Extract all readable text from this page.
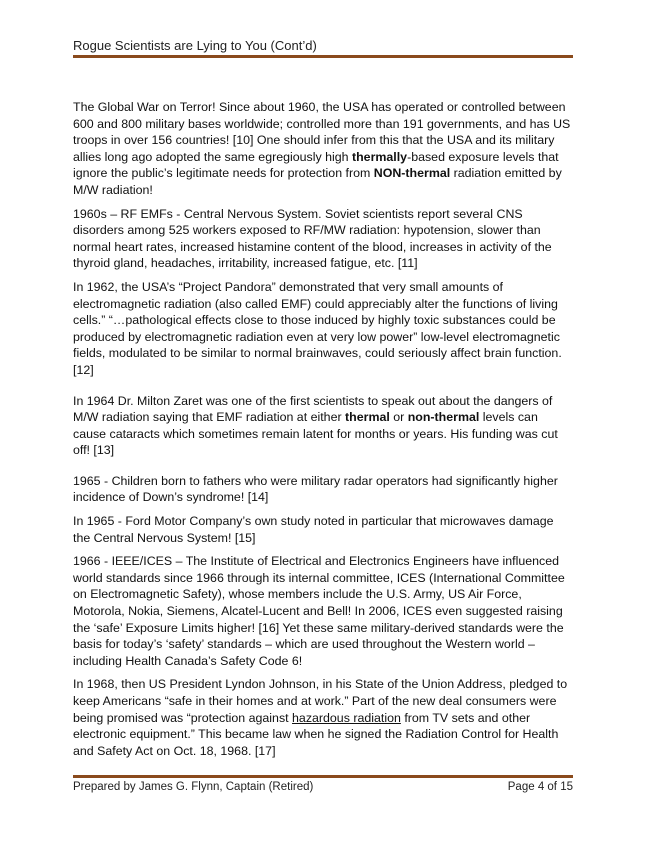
Rogue Scientists are Lying to You (Cont’d)

The Global War on Terror! Since about 1960, the USA has operated or controlled between 600 and 800 military bases worldwide; controlled more than 191 governments, and has US troops in over 156 countries! [10] One should infer from this that the USA and its military allies long ago adopted the same egregiously high thermally-based exposure levels that ignore the public’s legitimate needs for protection from NON-thermal radiation emitted by M/W radiation!

1960s – RF EMFs - Central Nervous System. Soviet scientists report several CNS disorders among 525 workers exposed to RF/MW radiation: hypotension, slower than normal heart rates, increased histamine content of the blood, increases in activity of the thyroid gland, headaches, irritability, increased fatigue, etc. [11]

In 1962, the USA’s “Project Pandora” demonstrated that very small amounts of electromagnetic radiation (also called EMF) could appreciably alter the functions of living cells.” “…pathological effects close to those induced by highly toxic substances could be produced by electromagnetic radiation even at very low power” low-level electromagnetic fields, modulated to be similar to normal brainwaves, could seriously affect brain function. [12]

In 1964 Dr. Milton Zaret was one of the first scientists to speak out about the dangers of M/W radiation saying that EMF radiation at either thermal or non-thermal levels can cause cataracts which sometimes remain latent for months or years. His funding was cut off! [13]

1965 - Children born to fathers who were military radar operators had significantly higher incidence of Down’s syndrome! [14]

In 1965 - Ford Motor Company’s own study noted in particular that microwaves damage the Central Nervous System! [15]

1966 - IEEE/ICES – The Institute of Electrical and Electronics Engineers have influenced world standards since 1966 through its internal committee, ICES (International Committee on Electromagnetic Safety), whose members include the U.S. Army, US Air Force, Motorola, Nokia, Siemens, Alcatel-Lucent and Bell! In 2006, ICES even suggested raising the ‘safe’ Exposure Limits higher! [16] Yet these same military-derived standards were the basis for today’s ‘safety’ standards – which are used throughout the Western world – including Health Canada’s Safety Code 6!

In 1968, then US President Lyndon Johnson, in his State of the Union Address, pledged to keep Americans “safe in their homes and at work.” Part of the new deal consumers were being promised was “protection against hazardous radiation from TV sets and other electronic equipment.” This became law when he signed the Radiation Control for Health and Safety Act on Oct. 18, 1968. [17]

Prepared by James G. Flynn, Captain (Retired)	Page 4 of 15
